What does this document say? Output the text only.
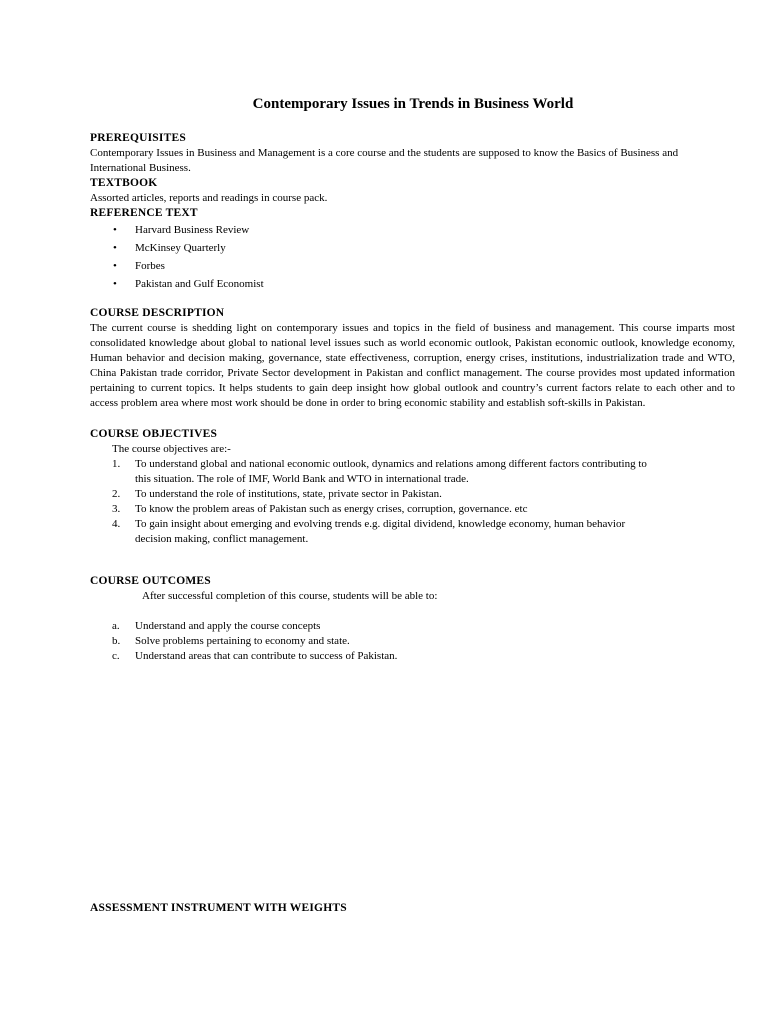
Contemporary Issues in Trends in Business World
PREREQUISITES
Contemporary Issues in Business and Management is a core course and the students are supposed to know the Basics of Business and International Business.
TEXTBOOK
Assorted articles, reports and readings in course pack.
REFERENCE TEXT
• Harvard Business Review
• McKinsey Quarterly
• Forbes
• Pakistan and Gulf Economist
COURSE DESCRIPTION
The current course is shedding light on contemporary issues and topics in the field of business and management. This course imparts most consolidated knowledge about global to national level issues such as world economic outlook, Pakistan economic outlook, knowledge economy, Human behavior and decision making, governance, state effectiveness, corruption, energy crises, institutions, industrialization trade and WTO, China Pakistan trade corridor, Private Sector development in Pakistan and conflict management. The course provides most updated information pertaining to current topics. It helps students to gain deep insight how global outlook and country’s current factors relate to each other and to access problem area where most work should be done in order to bring economic stability and establish soft-skills in Pakistan.
COURSE OBJECTIVES
The course objectives are:-
1. To understand global and national economic outlook, dynamics and relations among different factors contributing to this situation. The role of IMF, World Bank and WTO in international trade.
2. To understand the role of institutions, state, private sector in Pakistan.
3. To know the problem areas of Pakistan such as energy crises, corruption, governance. etc
4. To gain insight about emerging and evolving trends e.g. digital dividend, knowledge economy, human behavior decision making, conflict management.
COURSE OUTCOMES
After successful completion of this course, students will be able to:
a. Understand and apply the course concepts
b. Solve problems pertaining to economy and state.
c. Understand areas that can contribute to success of Pakistan.
ASSESSMENT INSTRUMENT WITH WEIGHTS
